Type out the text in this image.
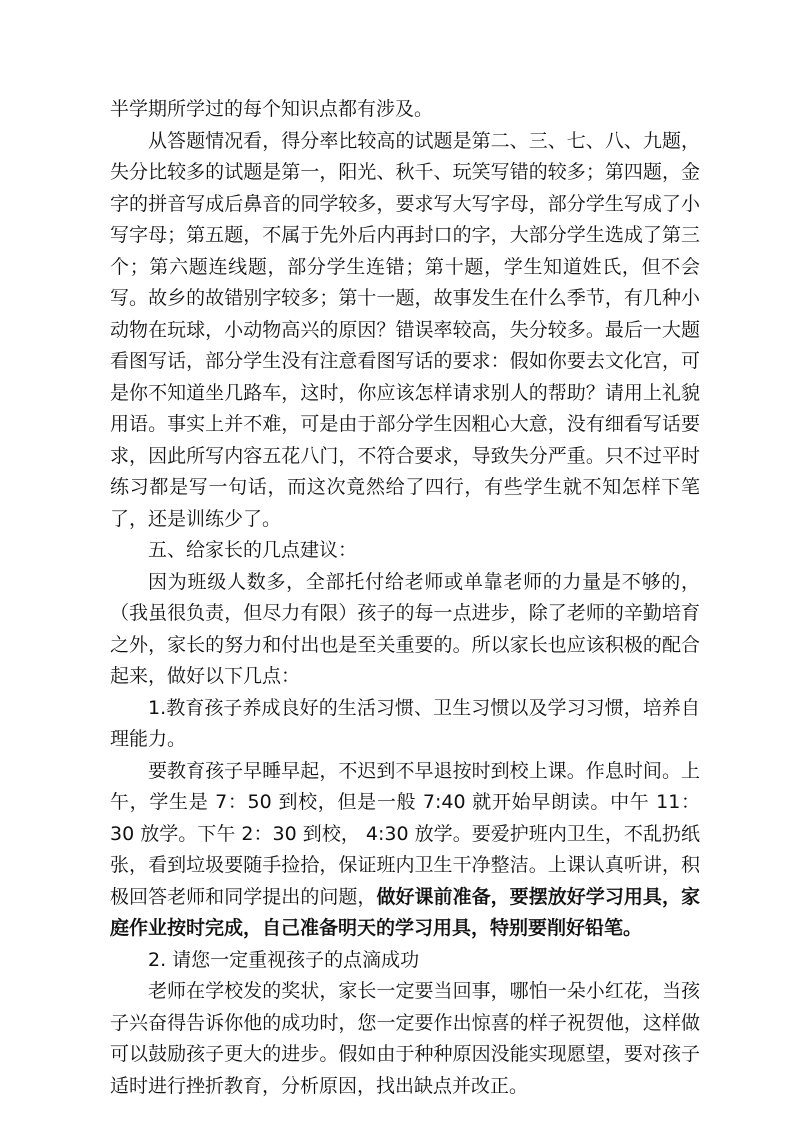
半学期所学过的每个知识点都有涉及。

从答题情况看，得分率比较高的试题是第二、三、七、八、九题，失分比较多的试题是第一，阳光、秋千、玩笑写错的较多；第四题，金字的拼音写成后鼻音的同学较多，要求写大写字母，部分学生写成了小写字母；第五题，不属于先外后内再封口的字，大部分学生选成了第三个；第六题连线题，部分学生连错；第十题，学生知道姓氏，但不会写。故乡的故错别字较多；第十一题，故事发生在什么季节，有几种小动物在玩球，小动物高兴的原因？错误率较高，失分较多。最后一大题看图写话，部分学生没有注意看图写话的要求：假如你要去文化宫，可是你不知道坐几路车，这时，你应该怎样请求别人的帮助？请用上礼貌用语。事实上并不难，可是由于部分学生因粗心大意，没有细看写话要求，因此所写内容五花八门，不符合要求，导致失分严重。只不过平时练习都是写一句话，而这次竟然给了四行，有些学生就不知怎样下笔了，还是训练少了。

五、给家长的几点建议：

因为班级人数多，全部托付给老师或单靠老师的力量是不够的，（我虽很负责，但尽力有限）孩子的每一点进步，除了老师的辛勤培育之外，家长的努力和付出也是至关重要的。所以家长也应该积极的配合起来，做好以下几点：

1.教育孩子养成良好的生活习惯、卫生习惯以及学习习惯，培养自理能力。

要教育孩子早睡早起，不迟到不早退按时到校上课。作息时间。上午，学生是 7：50 到校，但是一般 7:40 就开始早朗读。中午 11：30 放学。下午 2：30 到校， 4:30 放学。要爱护班内卫生，不乱扔纸张，看到垃圾要随手捡拾，保证班内卫生干净整洁。上课认真听讲，积极回答老师和同学提出的问题，做好课前准备，要摆放好学习用具，家庭作业按时完成，自己准备明天的学习用具，特别要削好铅笔。

2. 请您一定重视孩子的点滴成功

老师在学校发的奖状，家长一定要当回事，哪怕一朵小红花，当孩子兴奋得告诉你他的成功时，您一定要作出惊喜的样子祝贺他，这样做可以鼓励孩子更大的进步。假如由于种种原因没能实现愿望，要对孩子适时进行挫折教育，分析原因，找出缺点并改正。
